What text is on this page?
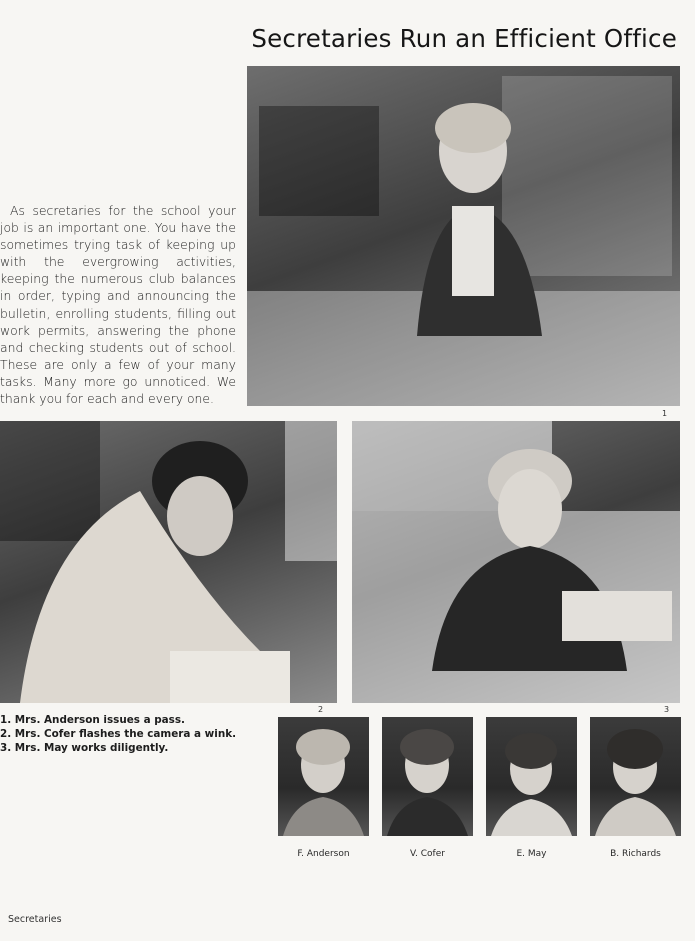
Secretaries Run an Efficient Office
1

As secretaries for the school your job is an important one. You have the sometimes trying task of keeping up with the evergrowing activities, keeping the numerous club balances in order, typing and announcing the bulletin, enrolling students, filling out work permits, answering the phone and checking students out of school. These are only a few of your many tasks. Many more go unnoticed. We thank you for each and every one.

2	3
1. Mrs. Anderson issues a pass.
2. Mrs. Cofer flashes the camera a wink.
3. Mrs. May works diligently.
F. Anderson	V. Cofer	E. May	B. Richards
Secretaries
